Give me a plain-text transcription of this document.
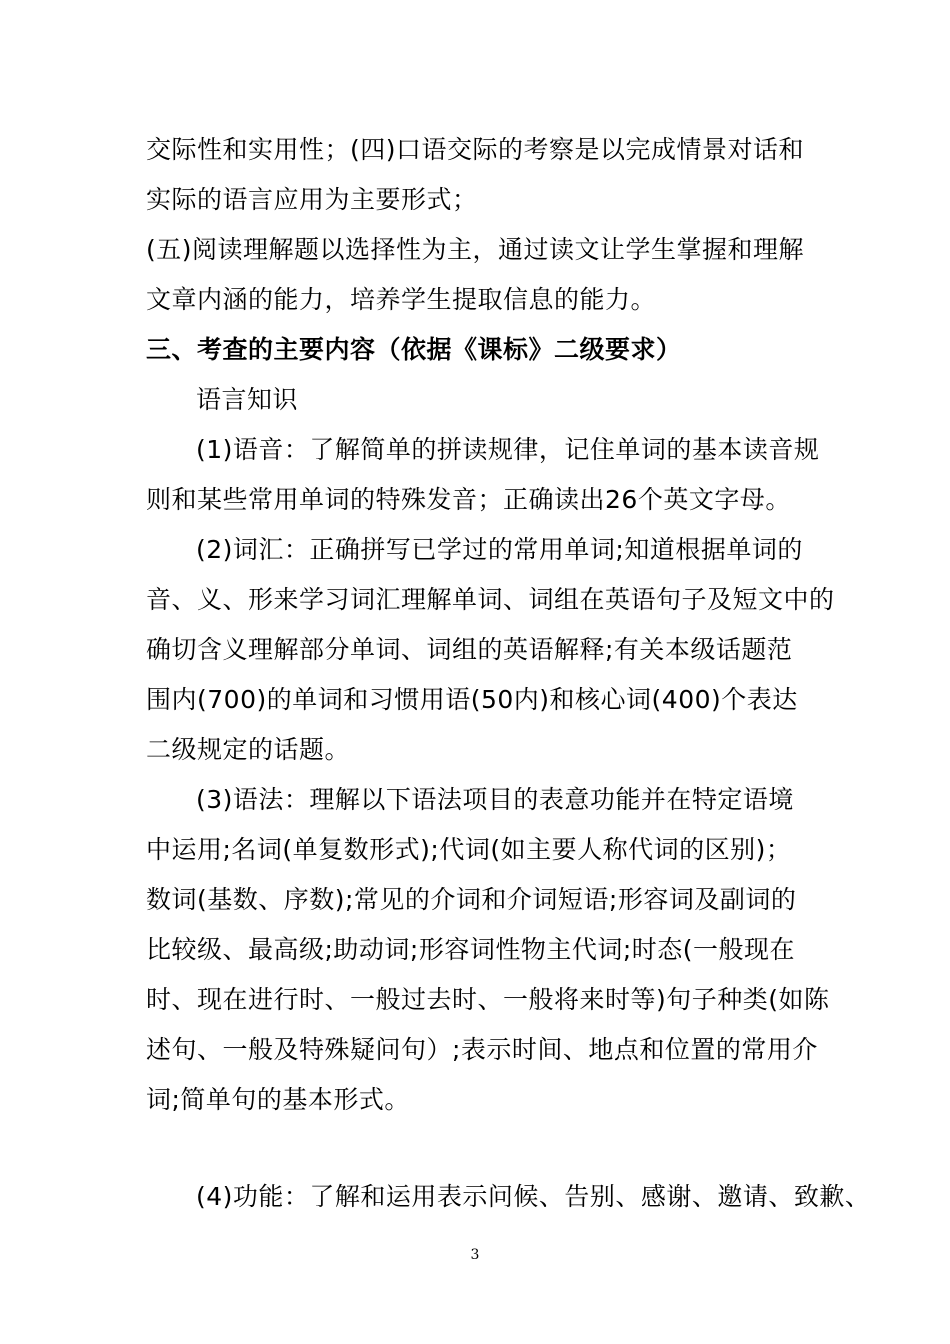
交际性和实用性；(四)口语交际的考察是以完成情景对话和
实际的语言应用为主要形式；
(五)阅读理解题以选择性为主，通过读文让学生掌握和理解
文章内涵的能力，培养学生提取信息的能力。
三、考查的主要内容（依据《课标》二级要求）
语言知识
(1)语音：了解简单的拼读规律，记住单词的基本读音规
则和某些常用单词的特殊发音；正确读出26个英文字母。
(2)词汇：正确拼写已学过的常用单词;知道根据单词的
音、义、形来学习词汇理解单词、词组在英语句子及短文中的
确切含义理解部分单词、词组的英语解释;有关本级话题范
围内(700)的单词和习惯用语(50内)和核心词(400)个表达
二级规定的话题。
(3)语法：理解以下语法项目的表意功能并在特定语境
中运用;名词(单复数形式);代词(如主要人称代词的区别)；
数词(基数、序数);常见的介词和介词短语;形容词及副词的
比较级、最高级;助动词;形容词性物主代词;时态(一般现在
时、现在进行时、一般过去时、一般将来时等)句子种类(如陈
述句、一般及特殊疑问句）;表示时间、地点和位置的常用介
词;简单句的基本形式。
(4)功能：了解和运用表示问候、告别、感谢、邀请、致歉、
3
